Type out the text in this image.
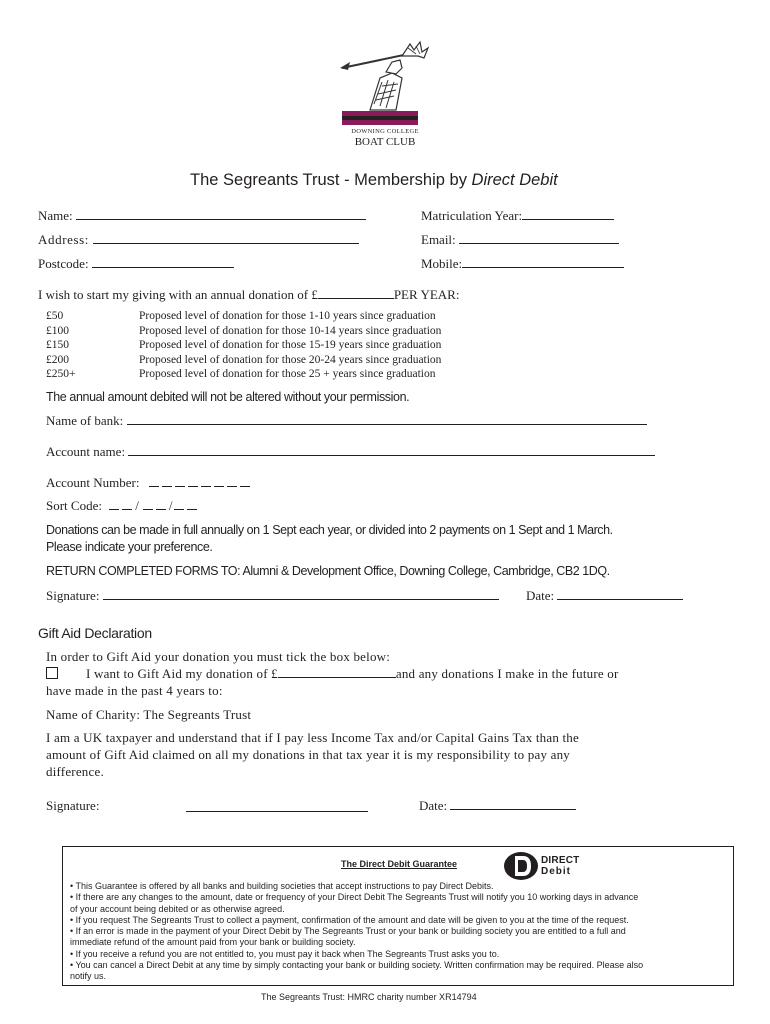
DOWNING COLLEGE
BOAT CLUB
The Segreants Trust - Membership by Direct Debit
Name:	Matriculation Year:
Address:	Email:
Postcode:	Mobile:
I wish to start my giving with an annual donation of £	PER YEAR:
£50	Proposed level of donation for those 1-10 years since graduation
£100	Proposed level of donation for those 10-14 years since graduation
£150	Proposed level of donation for those 15-19 years since graduation
£200	Proposed level of donation for those 20-24 years since graduation
£250+	Proposed level of donation for those 25 + years since graduation
The annual amount debited will not be altered without your permission.
Name of bank:
Account name:
Account Number:
Sort Code:	/ /
Donations can be made in full annually on 1 Sept each year, or divided into 2 payments on 1 Sept and 1 March.
Please indicate your preference.
RETURN COMPLETED FORMS TO: Alumni & Development Office, Downing College, Cambridge, CB2 1DQ.
Signature:	Date:
Gift Aid Declaration
In order to Gift Aid your donation you must tick the box below:
I want to Gift Aid my donation of £	and any donations I make in the future or
have made in the past 4 years to:
Name of Charity: The Segreants Trust
I am a UK taxpayer and understand that if I pay less Income Tax and/or Capital Gains Tax than the
amount of Gift Aid claimed on all my donations in that tax year it is my responsibility to pay any
difference.
Signature:	Date:
The Direct Debit Guarantee	DIRECT
Debit
• This Guarantee is offered by all banks and building societies that accept instructions to pay Direct Debits.
• If there are any changes to the amount, date or frequency of your Direct Debit The Segreants Trust will notify you 10 working days in advance
of your account being debited or as otherwise agreed.
• If you request The Segreants Trust to collect a payment, confirmation of the amount and date will be given to you at the time of the request.
• If an error is made in the payment of your Direct Debit by The Segreants Trust or your bank or building society you are entitled to a full and
immediate refund of the amount paid from your bank or building society.
• If you receive a refund you are not entitled to, you must pay it back when The Segreants Trust asks you to.
• You can cancel a Direct Debit at any time by simply contacting your bank or building society. Written confirmation may be required. Please also
notify us.
The Segreants Trust: HMRC charity number XR14794
